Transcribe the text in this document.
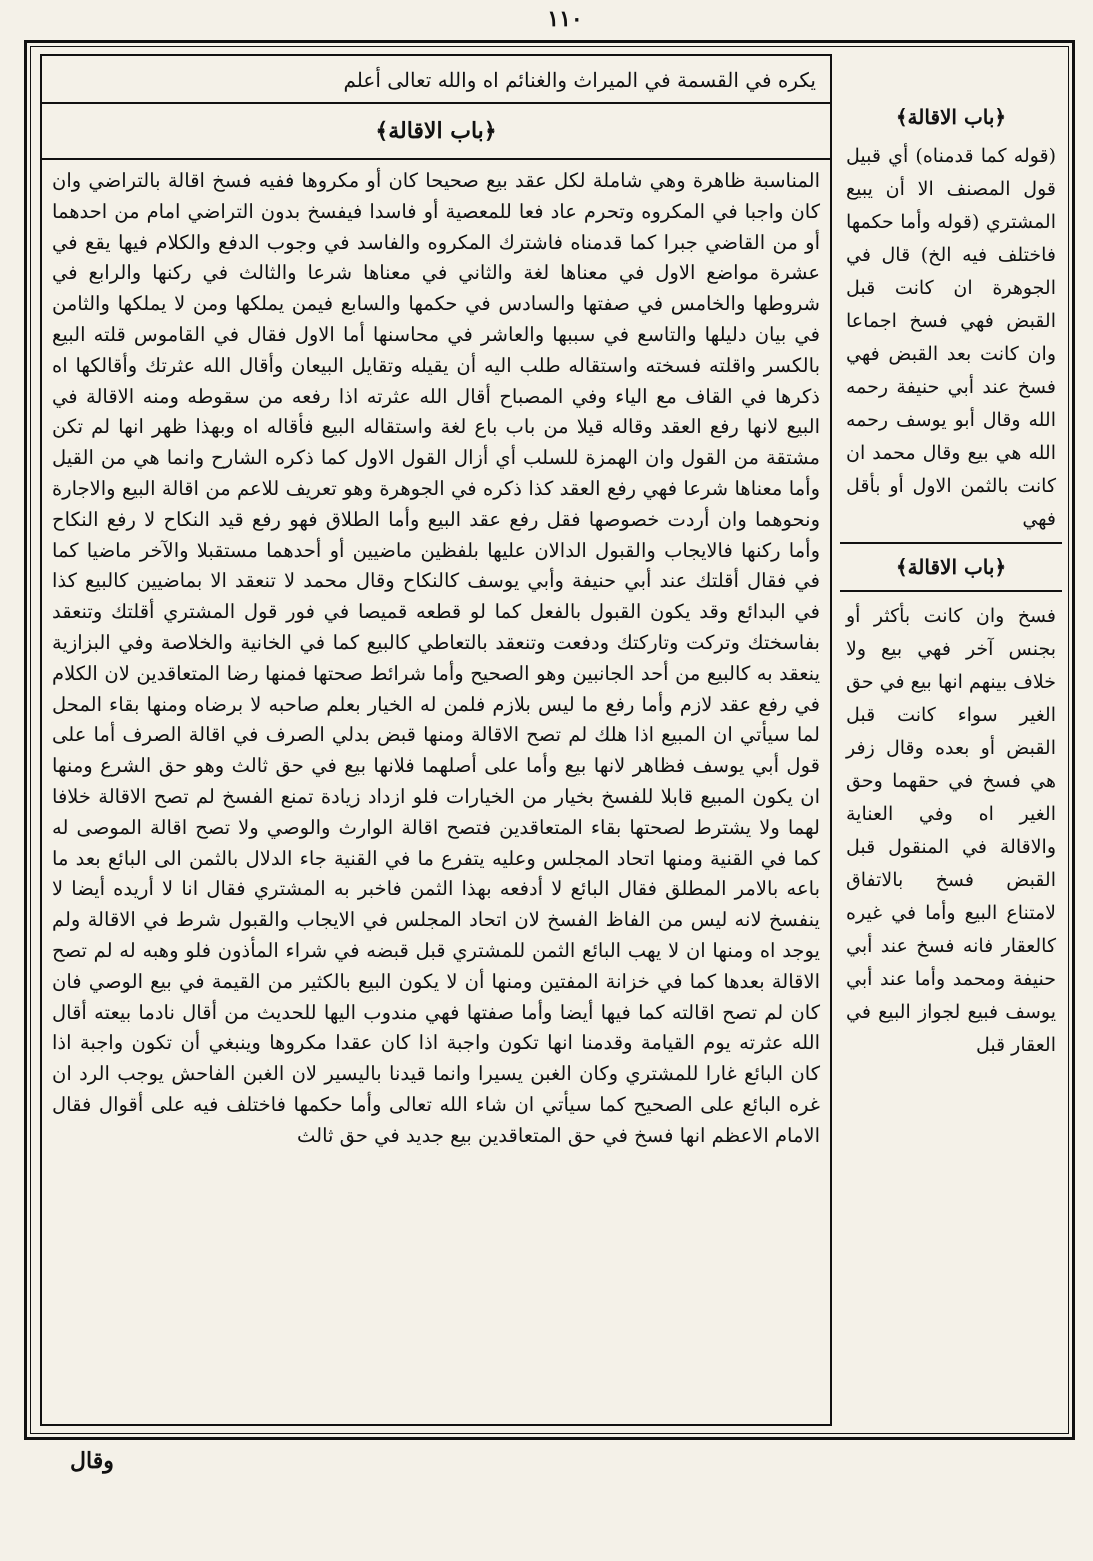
١١٠
يكره في القسمة في الميراث والغنائم اه والله تعالى أعلم
﴿باب الاقالة﴾

المناسبة ظاهرة وهي شاملة لكل عقد بيع صحيحا كان أو مكروها ففيه فسخ اقالة بالتراضي وان كان واجبا في المكروه وتحرم عاد فعا للمعصية أو فاسدا فيفسخ بدون التراضي امام من احدهما أو من القاضي جبرا كما قدمناه فاشترك المكروه والفاسد في وجوب الدفع والكلام فيها يقع في عشرة مواضع الاول في معناها لغة والثاني في معناها شرعا والثالث في ركنها والرابع في شروطها والخامس في صفتها والسادس في حكمها والسابع فيمن يملكها ومن لا يملكها والثامن في بيان دليلها والتاسع في سببها والعاشر في محاسنها أما الاول فقال في القاموس قلته البيع بالكسر واقلته فسخته واستقاله طلب اليه أن يقيله وتقايل البيعان وأقال الله عثرتك وأقالكها اه ذكرها في القاف مع الياء وفي المصباح أقال الله عثرته اذا رفعه من سقوطه ومنه الاقالة في البيع لانها رفع العقد وقاله قيلا من باب باع لغة واستقاله البيع فأقاله اه وبهذا ظهر انها لم تكن مشتقة من القول وان الهمزة للسلب أي أزال القول الاول كما ذكره الشارح وانما هي من القيل وأما معناها شرعا فهي رفع العقد كذا ذكره في الجوهرة وهو تعريف للاعم من اقالة البيع والاجارة ونحوهما وان أردت خصوصها فقل رفع عقد البيع وأما الطلاق فهو رفع قيد النكاح لا رفع النكاح وأما ركنها فالايجاب والقبول الدالان عليها بلفظين ماضيين أو أحدهما مستقبلا والآخر ماضيا كما في فقال أقلتك عند أبي حنيفة وأبي يوسف كالنكاح وقال محمد لا تنعقد الا بماضيين كالبيع كذا في البدائع وقد يكون القبول بالفعل كما لو قطعه قميصا في فور قول المشتري أقلتك وتنعقد بفاسختك وتركت وتاركتك ودفعت وتنعقد بالتعاطي كالبيع كما في الخانية والخلاصة وفي البزازية ينعقد به كالبيع من أحد الجانبين وهو الصحيح وأما شرائط صحتها فمنها رضا المتعاقدين لان الكلام في رفع عقد لازم وأما رفع ما ليس بلازم فلمن له الخيار بعلم صاحبه لا برضاه ومنها بقاء المحل لما سيأتي ان المبيع اذا هلك لم تصح الاقالة ومنها قبض بدلي الصرف في اقالة الصرف أما على قول أبي يوسف فظاهر لانها بيع وأما على أصلهما فلانها بيع في حق ثالث وهو حق الشرع ومنها ان يكون المبيع قابلا للفسخ بخيار من الخيارات فلو ازداد زيادة تمنع الفسخ لم تصح الاقالة خلافا لهما ولا يشترط لصحتها بقاء المتعاقدين فتصح اقالة الوارث والوصي ولا تصح اقالة الموصى له كما في القنية ومنها اتحاد المجلس وعليه يتفرع ما في القنية جاء الدلال بالثمن الى البائع بعد ما باعه بالامر المطلق فقال البائع لا أدفعه بهذا الثمن فاخبر به المشتري فقال انا لا أريده أيضا لا ينفسخ لانه ليس من الفاظ الفسخ لان اتحاد المجلس في الايجاب والقبول شرط في الاقالة ولم يوجد اه ومنها ان لا يهب البائع الثمن للمشتري قبل قبضه في شراء المأذون فلو وهبه له لم تصح الاقالة بعدها كما في خزانة المفتين ومنها أن لا يكون البيع بالكثير من القيمة في بيع الوصي فان كان لم تصح اقالته كما فيها أيضا وأما صفتها فهي مندوب اليها للحديث من أقال نادما بيعته أقال الله عثرته يوم القيامة وقدمنا انها تكون واجبة اذا كان عقدا مكروها وينبغي أن تكون واجبة اذا كان البائع غارا للمشتري وكان الغبن يسيرا وانما قيدنا باليسير لان الغبن الفاحش يوجب الرد ان غره البائع على الصحيح كما سيأتي ان شاء الله تعالى وأما حكمها فاختلف فيه على أقوال فقال الامام الاعظم انها فسخ في حق المتعاقدين بيع جديد في حق ثالث

﴿باب الاقالة﴾

(قوله كما قدمناه) أي قبيل قول المصنف الا أن يبيع المشتري (قوله وأما حكمها فاختلف فيه الخ) قال في الجوهرة ان كانت قبل القبض فهي فسخ اجماعا وان كانت بعد القبض فهي فسخ عند أبي حنيفة رحمه الله وقال أبو يوسف رحمه الله هي بيع وقال محمد ان كانت بالثمن الاول أو بأقل فهي

﴿باب الاقالة﴾

فسخ وان كانت بأكثر أو بجنس آخر فهي بيع ولا خلاف بينهم انها بيع في حق الغير سواء كانت قبل القبض أو بعده وقال زفر هي فسخ في حقهما وحق الغير اه وفي العناية والاقالة في المنقول قبل القبض فسخ بالاتفاق لامتناع البيع وأما في غيره كالعقار فانه فسخ عند أبي حنيفة ومحمد وأما عند أبي يوسف فبيع لجواز البيع في العقار قبل

وقال
